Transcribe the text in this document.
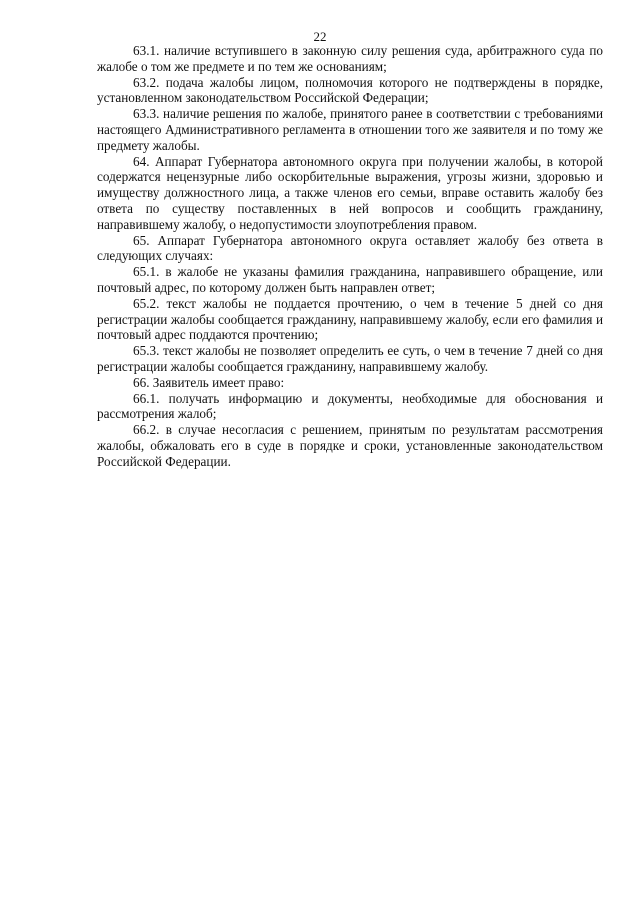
22

63.1. наличие вступившего в законную силу решения суда, арбитражного суда по жалобе о том же предмете и по тем же основаниям;

63.2. подача жалобы лицом, полномочия которого не подтверждены в порядке, установленном законодательством Российской Федерации;

63.3. наличие решения по жалобе, принятого ранее в соответствии с требованиями настоящего Административного регламента в отношении того же заявителя и по тому же предмету жалобы.

64. Аппарат Губернатора автономного округа при получении жалобы, в которой содержатся нецензурные либо оскорбительные выражения, угрозы жизни, здоровью и имуществу должностного лица, а также членов его семьи, вправе оставить жалобу без ответа по существу поставленных в ней вопросов и сообщить гражданину, направившему жалобу, о недопустимости злоупотребления правом.

65. Аппарат Губернатора автономного округа оставляет жалобу без ответа в следующих случаях:

65.1. в жалобе не указаны фамилия гражданина, направившего обращение, или почтовый адрес, по которому должен быть направлен ответ;

65.2. текст жалобы не поддается прочтению, о чем в течение 5 дней со дня регистрации жалобы сообщается гражданину, направившему жалобу, если его фамилия и почтовый адрес поддаются прочтению;

65.3. текст жалобы не позволяет определить ее суть, о чем в течение 7 дней со дня регистрации жалобы сообщается гражданину, направившему жалобу.

66. Заявитель имеет право:

66.1. получать информацию и документы, необходимые для обоснования и рассмотрения жалоб;

66.2. в случае несогласия с решением, принятым по результатам рассмотрения жалобы, обжаловать его в суде в порядке и сроки, установленные законодательством Российской Федерации.
